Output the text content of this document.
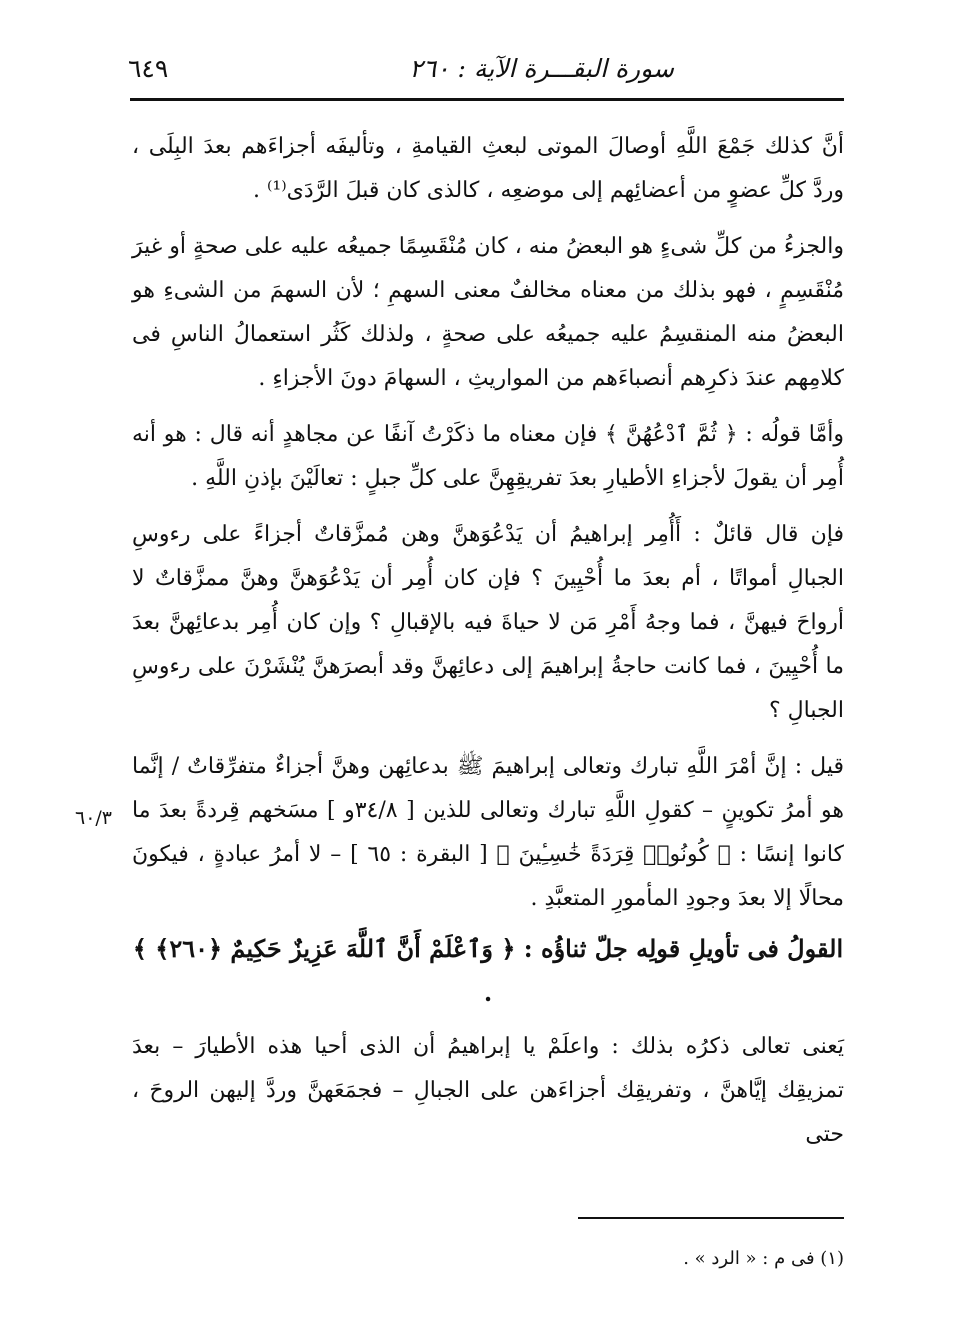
سورة البقـــرة الآية : ٢٦٠
٦٤٩

أنَّ كذلك جَمْعَ اللَّهِ أوصالَ الموتى لبعثِ القيامةِ ، وتأليفَه أجزاءَهم بعدَ البِلَى ، وردَّ كلِّ عضوٍ من أعضائِهم إلى موضعِه ، كالذى كان قبلَ الرَّدَى⁽¹⁾ .

والجزءُ من كلِّ شىءٍ هو البعضُ منه ، كان مُنْقَسِمًا جميعُه عليه على صحةٍ أو غيرَ مُنْقَسِمٍ ، فهو بذلك من معناه مخالفٌ معنى السهمِ ؛ لأن السهمَ من الشىءِ هو البعضُ منه المنقسِمُ عليه جميعُه على صحةٍ ، ولذلك كَثُر استعمالُ الناسِ فى كلامِهم عندَ ذكرِهم أنصباءَهم من المواريثِ ، السهامَ دونَ الأجزاءِ .

وأمَّا قولُه : ﴿ ثُمَّ ٱدْعُهُنَّ ﴾ فإن معناه ما ذكَرْتُ آنفًا عن مجاهدٍ أنه قال : هو أنه أُمِر أن يقولَ لأجزاءِ الأطيارِ بعدَ تفريقِهِنَّ على كلِّ جبلٍ : تعالَيْنَ بإذنِ اللَّهِ .

فإن قال قائلٌ : أَأُمِر إبراهيمُ أن يَدْعُوَهنَّ وهن مُمزَّقاتٌ أجزاءً على رءوسِ الجبالِ أمواتًا ، أم بعدَ ما أُحْيِينَ ؟ فإن كان أُمِر أن يَدْعُوَهنَّ وهنَّ ممزَّقاتٌ لا أرواحَ فيهنَّ ، فما وجهُ أَمْرِ مَن لا حياةَ فيه بالإقبالِ ؟ وإن كان أُمِر بدعائِهنَّ بعدَ ما أُحْيِينَ ، فما كانت حاجةُ إبراهيمَ إلى دعائِهنَّ وقد أبصرَهنَّ يُنْشَرْنَ على رءوسِ الجبالِ ؟

قيل : إنَّ أمْرَ اللَّهِ تبارك وتعالى إبراهيمَ ﷺ بدعائِهن وهنَّ أجزاءٌ متفرِّقاتٌ / إنَّما هو أمرُ تكوينٍ – كقولِ اللَّهِ تبارك وتعالى للذين [ ٣٤/٨و ] مسَخهم قِردةً بعدَ ما كانوا إنسًا : ﴿ كُونُوا۟ قِرَدَةً خَٰسِـِٔينَ ﴾ [ البقرة : ٦٥ ] – لا أمرُ عبادةٍ ، فيكونَ محالًا إلا بعدَ وجودِ المأمورِ المتعبَّدِ .

القولُ فى تأويلِ قولِه جلّ ثناؤُه : ﴿ وَٱعْلَمْ أَنَّ ٱللَّهَ عَزِيزٌ حَكِيمٌ ﴿٢٦٠﴾ ﴾ .

يَعنى تعالى ذكرُه بذلك : واعلَمْ يا إبراهيمُ أن الذى أحيا هذه الأطيارَ – بعدَ تمزيقِك إيَّاهنَّ ، وتفريقِك أجزاءَهن على الجبالِ – فجمَعَهنَّ وردَّ إليهن الروحَ ، حتى

٦٠/٣
(١) فى م : « الرد » .
